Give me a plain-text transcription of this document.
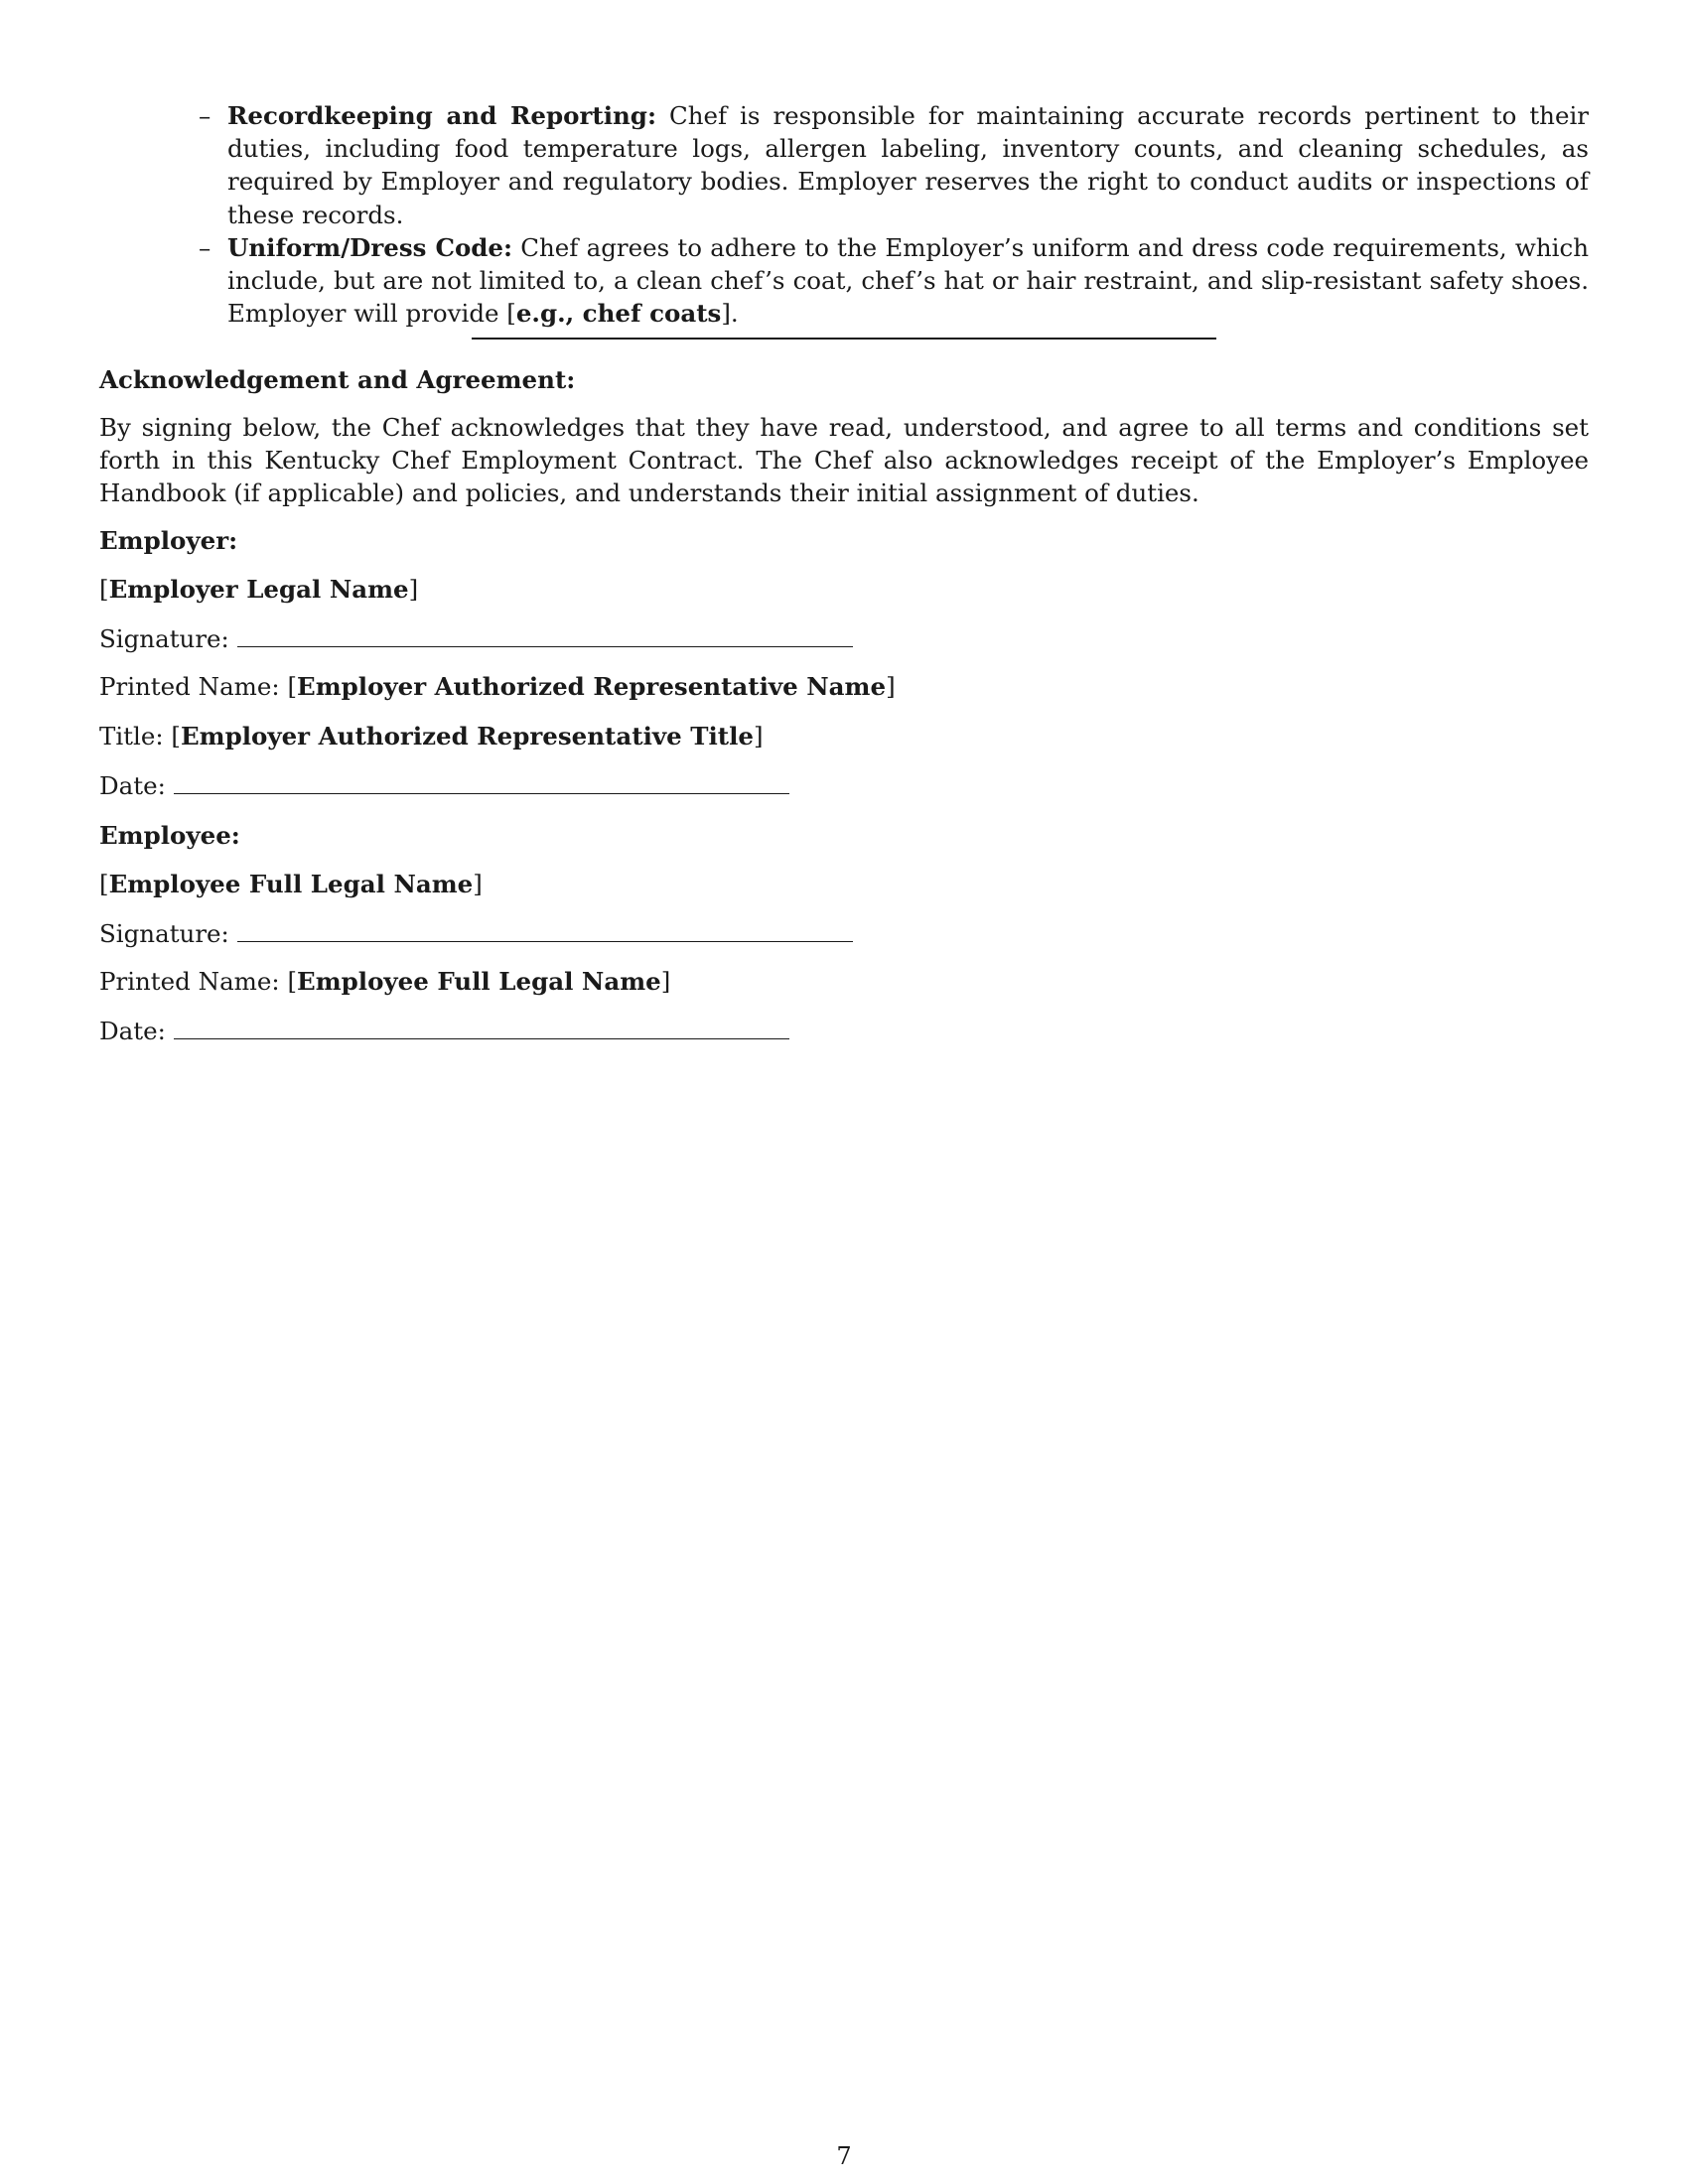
– Recordkeeping and Reporting: Chef is responsible for maintaining accurate records pertinent to their duties, including food temperature logs, allergen labeling, inventory counts, and cleaning schedules, as required by Employer and regulatory bodies. Employer reserves the right to conduct audits or inspections of these records.
– Uniform/Dress Code: Chef agrees to adhere to the Employer’s uniform and dress code requirements, which include, but are not limited to, a clean chef’s coat, chef’s hat or hair restraint, and slip-resistant safety shoes. Employer will provide [e.g., chef coats].
Acknowledgement and Agreement:
By signing below, the Chef acknowledges that they have read, understood, and agree to all terms and conditions set forth in this Kentucky Chef Employment Contract. The Chef also acknowledges receipt of the Employer’s Employee Handbook (if applicable) and policies, and understands their initial assignment of duties.
Employer:
[Employer Legal Name]
Signature:
Printed Name: [Employer Authorized Representative Name]
Title: [Employer Authorized Representative Title]
Date:
Employee:
[Employee Full Legal Name]
Signature:
Printed Name: [Employee Full Legal Name]
Date:
7
